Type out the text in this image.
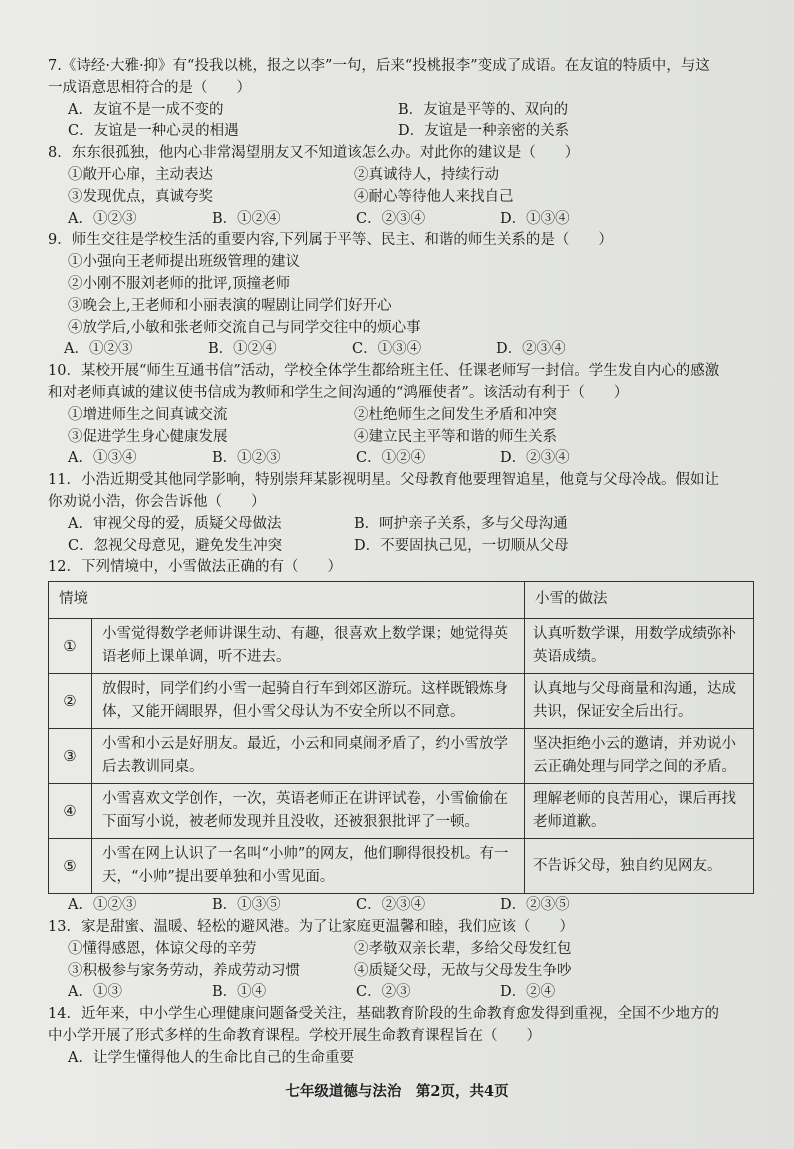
7.《诗经·大雅·抑》有“投我以桃，报之以李”一句，后来“投桃报李”变成了成语。在友谊的特质中，与这
一成语意思相符合的是（　　）
A．友谊不是一成不变的	B．友谊是平等的、双向的
C．友谊是一种心灵的相遇	D．友谊是一种亲密的关系
8．东东很孤独，他内心非常渴望朋友又不知道该怎么办。对此你的建议是（　　）
①敞开心扉，主动表达	②真诚待人，持续行动
③发现优点，真诚夸奖	④耐心等待他人来找自己
A．①②③	B．①②④	C．②③④	D．①③④
9．师生交往是学校生活的重要内容,下列属于平等、民主、和谐的师生关系的是（　　）
①小强向王老师提出班级管理的建议
②小刚不服刘老师的批评,顶撞老师
③晚会上,王老师和小丽表演的喔剧让同学们好开心
④放学后,小敏和张老师交流自己与同学交往中的烦心事
A．①②③	B．①②④	C．①③④	D．②③④
10．某校开展“师生互通书信”活动，学校全体学生都给班主任、任课老师写一封信。学生发自内心的感激
和对老师真诚的建议使书信成为教师和学生之间沟通的“鸿雁使者”。该活动有利于（　　）
①增进师生之间真诚交流	②杜绝师生之间发生矛盾和冲突
③促进学生身心健康发展	④建立民主平等和谐的师生关系
A．①③④	B．①②③	C．①②④	D．②③④
11．小浩近期受其他同学影响，特别崇拜某影视明星。父母教育他要理智追星，他竟与父母冷战。假如让
你劝说小浩，你会告诉他（　　）
A．审视父母的爱，质疑父母做法	B．呵护亲子关系，多与父母沟通
C．忽视父母意见，避免发生冲突	D．不要固执己见，一切顺从父母
12．下列情境中，小雪做法正确的有（　　）
情境		小雪的做法
①	小雪觉得数学老师讲课生动、有趣，很喜欢上数学课；她觉得英语老师上课单调，听不进去。	认真听数学课，用数学成绩弥补英语成绩。
②	放假时，同学们约小雪一起骑自行车到郊区游玩。这样既锻炼身体，又能开阔眼界，但小雪父母认为不安全所以不同意。	认真地与父母商量和沟通，达成共识，保证安全后出行。
③	小雪和小云是好朋友。最近，小云和同桌闹矛盾了，约小雪放学后去教训同桌。	坚决拒绝小云的邀请，并劝说小云正确处理与同学之间的矛盾。
④	小雪喜欢文学创作，一次，英语老师正在讲评试卷，小雪偷偷在下面写小说，被老师发现并且没收，还被狠狠批评了一顿。	理解老师的良苦用心，课后再找老师道歉。
⑤	小雪在网上认识了一名叫“小帅”的网友，他们聊得很投机。有一天，“小帅”提出要单独和小雪见面。	不告诉父母，独自约见网友。
A．①②③	B．①③⑤	C．②③④	D．②③⑤
13．家是甜蜜、温暖、轻松的避风港。为了让家庭更温馨和睦，我们应该（　　）
①懂得感恩，体谅父母的辛劳	②孝敬双亲长辈，多给父母发红包
③积极参与家务劳动，养成劳动习惯	④质疑父母，无故与父母发生争吵
A．①③	B．①④	C．②③	D．②④
14．近年来，中小学生心理健康问题备受关注，基础教育阶段的生命教育愈发得到重视，全国不少地方的
中小学开展了形式多样的生命教育课程。学校开展生命教育课程旨在（　　）
A．让学生懂得他人的生命比自己的生命重要
七年级道德与法治　第2页，共4页
